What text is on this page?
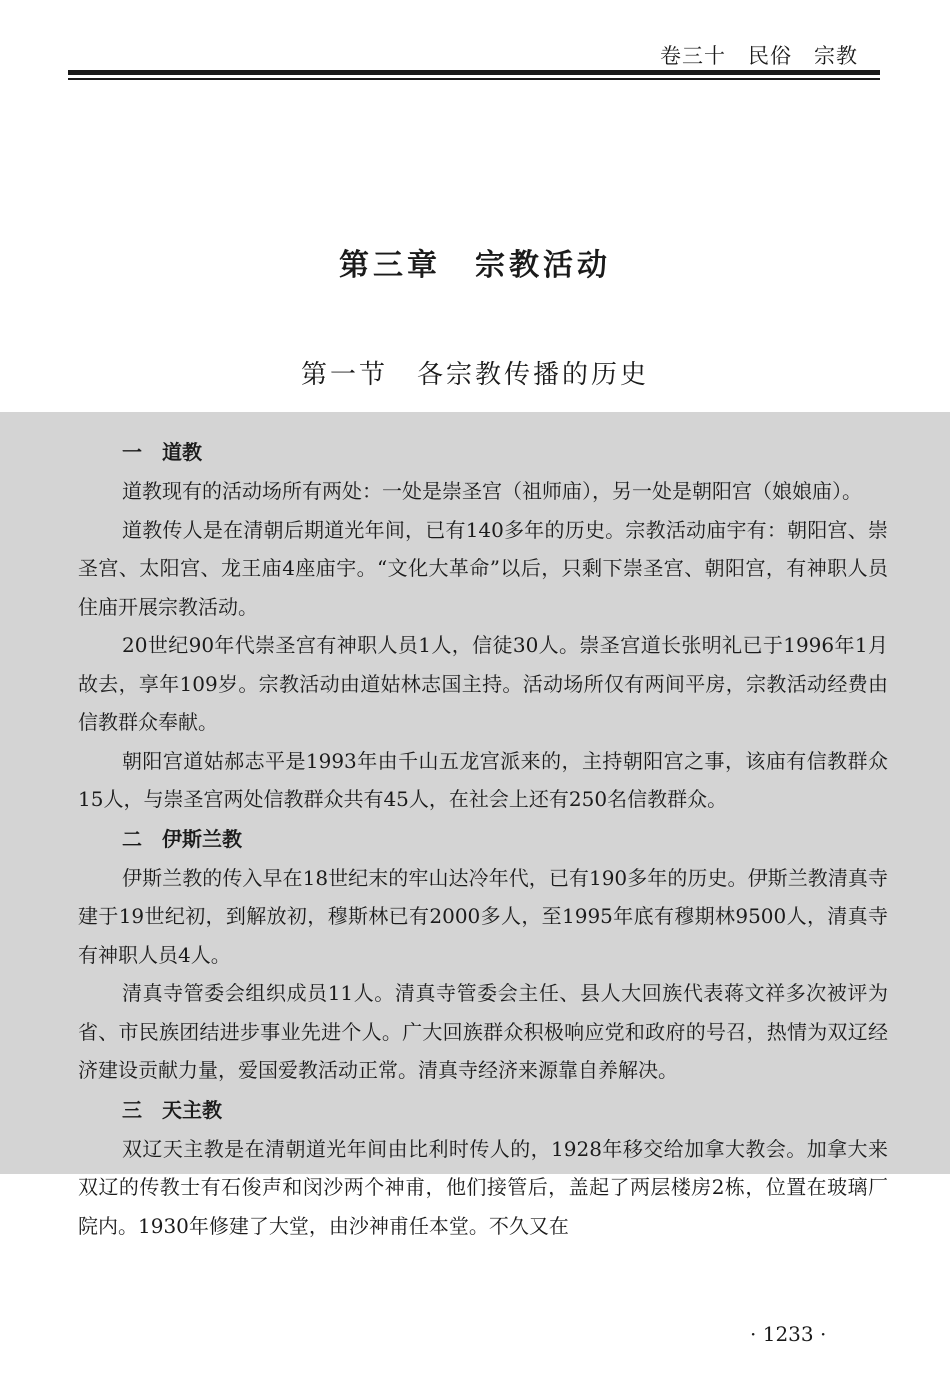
卷三十　民俗　宗教
第三章　宗教活动
第一节　各宗教传播的历史
一　道教

道教现有的活动场所有两处：一处是崇圣宫（祖师庙），另一处是朝阳宫（娘娘庙）。

道教传人是在清朝后期道光年间，已有140多年的历史。宗教活动庙宇有：朝阳宫、崇圣宫、太阳宫、龙王庙4座庙宇。“文化大革命”以后，只剩下崇圣宫、朝阳宫，有神职人员住庙开展宗教活动。

20世纪90年代崇圣宫有神职人员1人，信徒30人。崇圣宫道长张明礼已于1996年1月故去，享年109岁。宗教活动由道姑林志国主持。活动场所仅有两间平房，宗教活动经费由信教群众奉献。

朝阳宫道姑郝志平是1993年由千山五龙宫派来的，主持朝阳宫之事，该庙有信教群众15人，与崇圣宫两处信教群众共有45人，在社会上还有250名信教群众。

二　伊斯兰教

伊斯兰教的传入早在18世纪末的牢山达冷年代，已有190多年的历史。伊斯兰教清真寺建于19世纪初，到解放初，穆斯林已有2000多人，至1995年底有穆期林9500人，清真寺有神职人员4人。

清真寺管委会组织成员11人。清真寺管委会主任、县人大回族代表蒋文祥多次被评为省、市民族团结进步事业先进个人。广大回族群众积极响应党和政府的号召，热情为双辽经济建设贡献力量，爱国爱教活动正常。清真寺经济来源靠自养解决。

三　天主教

双辽天主教是在清朝道光年间由比利时传人的，1928年移交给加拿大教会。加拿大来双辽的传教士有石俊声和闵沙两个神甫，他们接管后，盖起了两层楼房2栋，位置在玻璃厂院内。1930年修建了大堂，由沙神甫任本堂。不久又在

· 1233 ·
